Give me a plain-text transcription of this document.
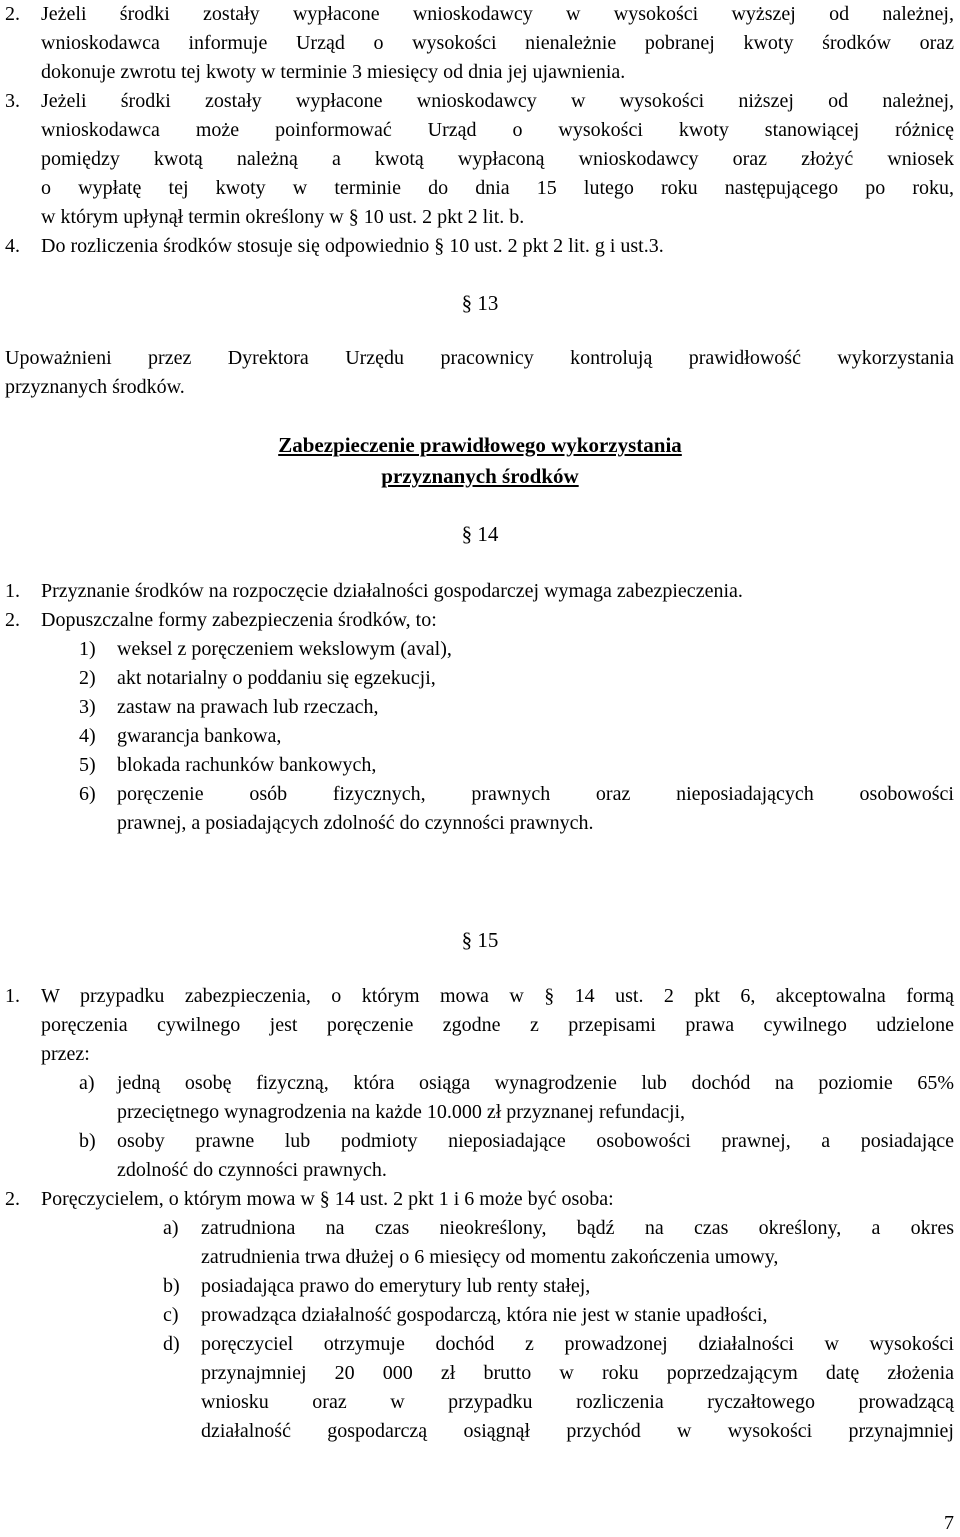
2. Jeżeli środki zostały wypłacone wnioskodawcy w wysokości wyższej od należnej,
wnioskodawca informuje Urząd o wysokości nienależnie pobranej kwoty środków oraz
dokonuje zwrotu tej kwoty w terminie 3 miesięcy od dnia jej ujawnienia.
3. Jeżeli środki zostały wypłacone wnioskodawcy w wysokości niższej od należnej,
wnioskodawca może poinformować Urząd o wysokości kwoty stanowiącej różnicę
pomiędzy kwotą należną a kwotą wypłaconą wnioskodawcy oraz złożyć wniosek
o wypłatę tej kwoty w terminie do dnia 15 lutego roku następującego po roku,
w którym upłynął termin określony w § 10 ust. 2 pkt 2 lit. b.
4. Do rozliczenia środków stosuje się odpowiednio § 10 ust. 2 pkt 2 lit. g i ust.3.
§ 13
Upoważnieni przez Dyrektora Urzędu pracownicy kontrolują prawidłowość wykorzystania
przyznanych środków.
Zabezpieczenie prawidłowego wykorzystania
przyznanych środków
§ 14
1. Przyznanie środków na rozpoczęcie działalności gospodarczej wymaga zabezpieczenia.
2. Dopuszczalne formy zabezpieczenia środków, to:
1) weksel z poręczeniem wekslowym (aval),
2) akt notarialny o poddaniu się egzekucji,
3) zastaw na prawach lub rzeczach,
4) gwarancja bankowa,
5) blokada rachunków bankowych,
6) poręczenie osób fizycznych, prawnych oraz nieposiadających osobowości
prawnej, a posiadających zdolność do czynności prawnych.
§ 15
1. W przypadku zabezpieczenia, o którym mowa w § 14 ust. 2 pkt 6, akceptowalna formą
poręczenia cywilnego jest poręczenie zgodne z przepisami prawa cywilnego udzielone
przez:
a) jedną osobę fizyczną, która osiąga wynagrodzenie lub dochód na poziomie 65%
przeciętnego wynagrodzenia na każde 10.000 zł przyznanej refundacji,
b) osoby prawne lub podmioty nieposiadające osobowości prawnej, a posiadające
zdolność do czynności prawnych.
2. Poręczycielem, o którym mowa w § 14 ust. 2 pkt 1 i 6 może być osoba:
a) zatrudniona na czas nieokreślony, bądź na czas określony, a okres
zatrudnienia trwa dłużej o 6 miesięcy od momentu zakończenia umowy,
b) posiadająca prawo do emerytury lub renty stałej,
c) prowadząca działalność gospodarczą, która nie jest w stanie upadłości,
d) poręczyciel otrzymuje dochód z prowadzonej działalności w wysokości
przynajmniej 20 000 zł brutto w roku poprzedzającym datę złożenia
wniosku oraz w przypadku rozliczenia ryczałtowego prowadzącą
działalność gospodarczą osiągnął przychód w wysokości przynajmniej
7
